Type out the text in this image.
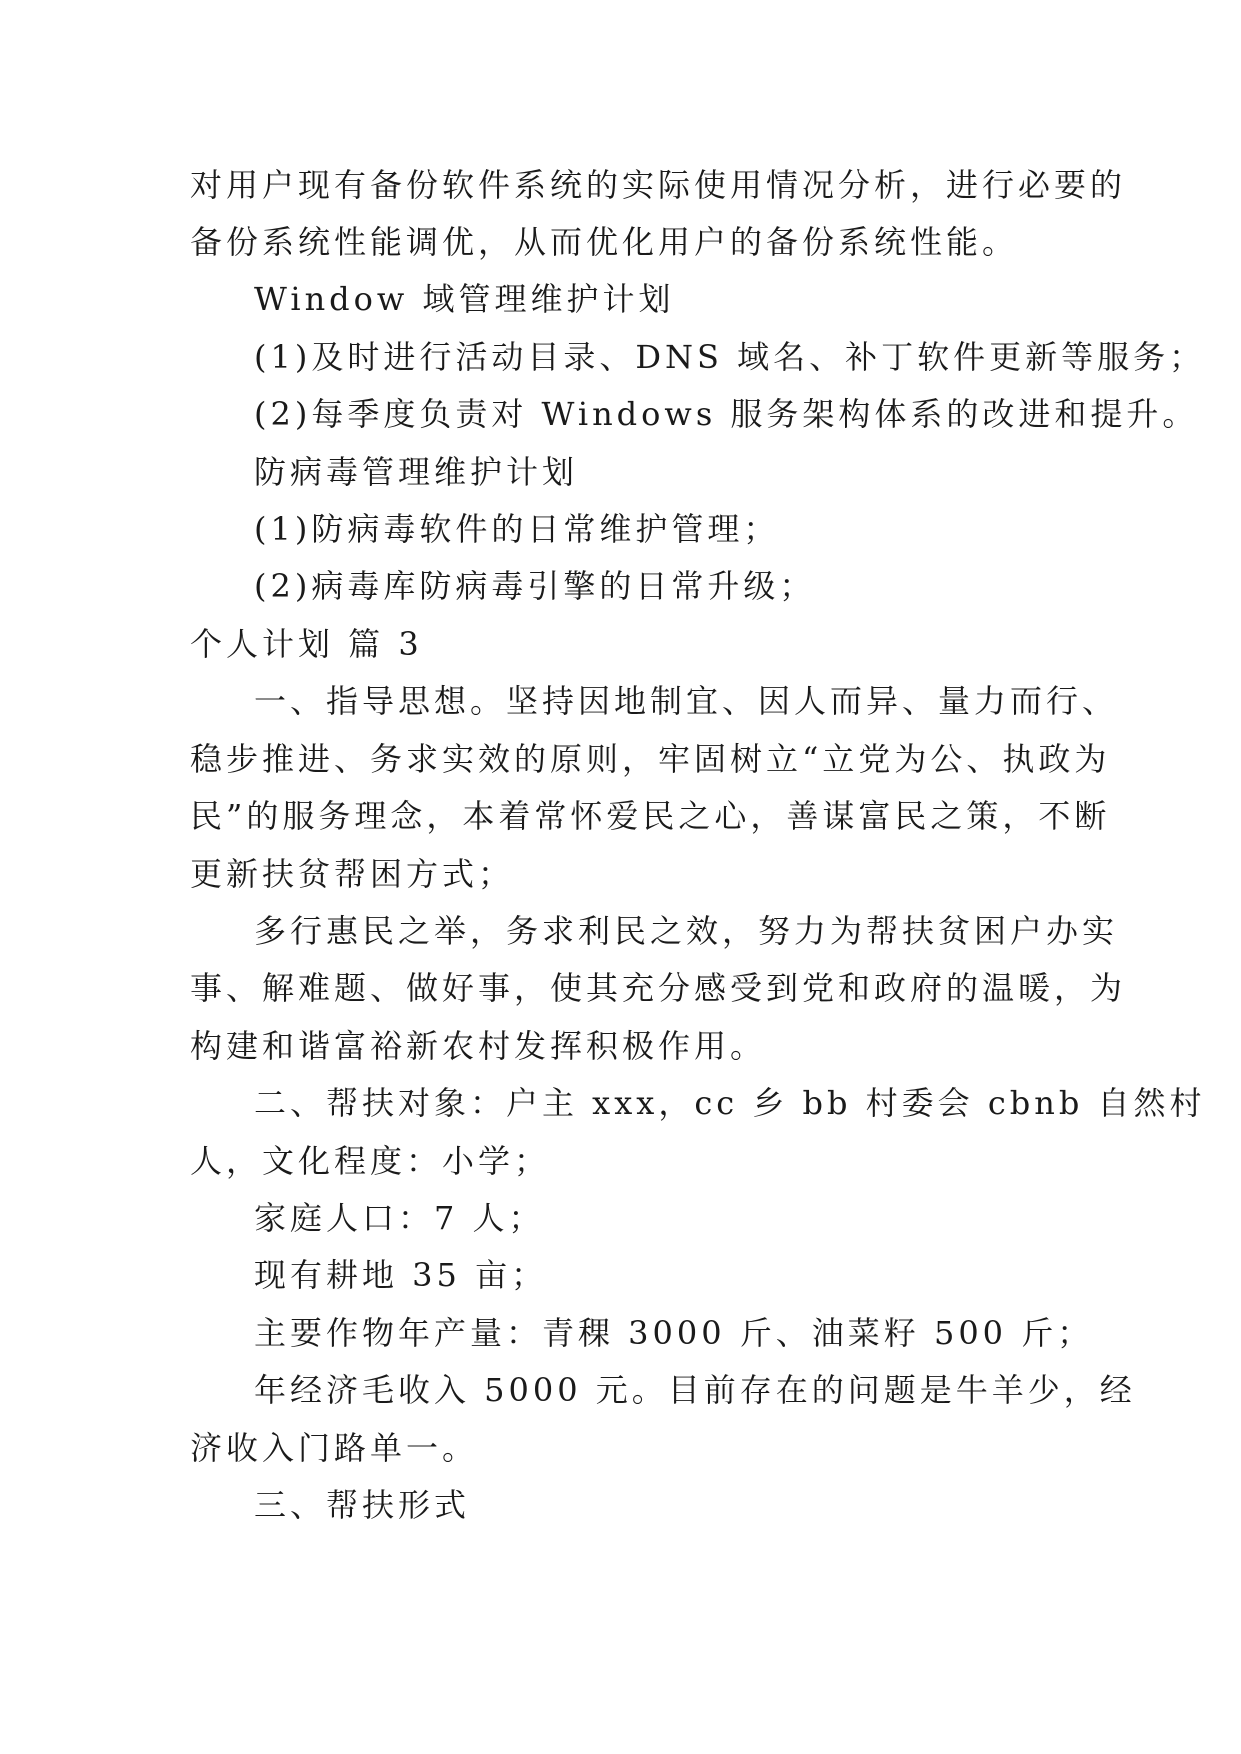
对用户现有备份软件系统的实际使用情况分析，进行必要的
备份系统性能调优，从而优化用户的备份系统性能。
Window 域管理维护计划
(1)及时进行活动目录、DNS 域名、补丁软件更新等服务；
(2)每季度负责对 Windows 服务架构体系的改进和提升。
防病毒管理维护计划
(1)防病毒软件的日常维护管理；
(2)病毒库防病毒引擎的日常升级；
个人计划 篇 3
一、指导思想。坚持因地制宜、因人而异、量力而行、
稳步推进、务求实效的原则，牢固树立“立党为公、执政为
民”的服务理念，本着常怀爱民之心，善谋富民之策，不断
更新扶贫帮困方式；
多行惠民之举，务求利民之效，努力为帮扶贫困户办实
事、解难题、做好事，使其充分感受到党和政府的温暖，为
构建和谐富裕新农村发挥积极作用。
二、帮扶对象：户主 xxx，cc 乡 bb 村委会 cbnb 自然村
人，文化程度：小学；
家庭人口：7 人；
现有耕地 35 亩；
主要作物年产量：青稞 3000 斤、油菜籽 500 斤；
年经济毛收入 5000 元。目前存在的问题是牛羊少，经
济收入门路单一。
三、帮扶形式
